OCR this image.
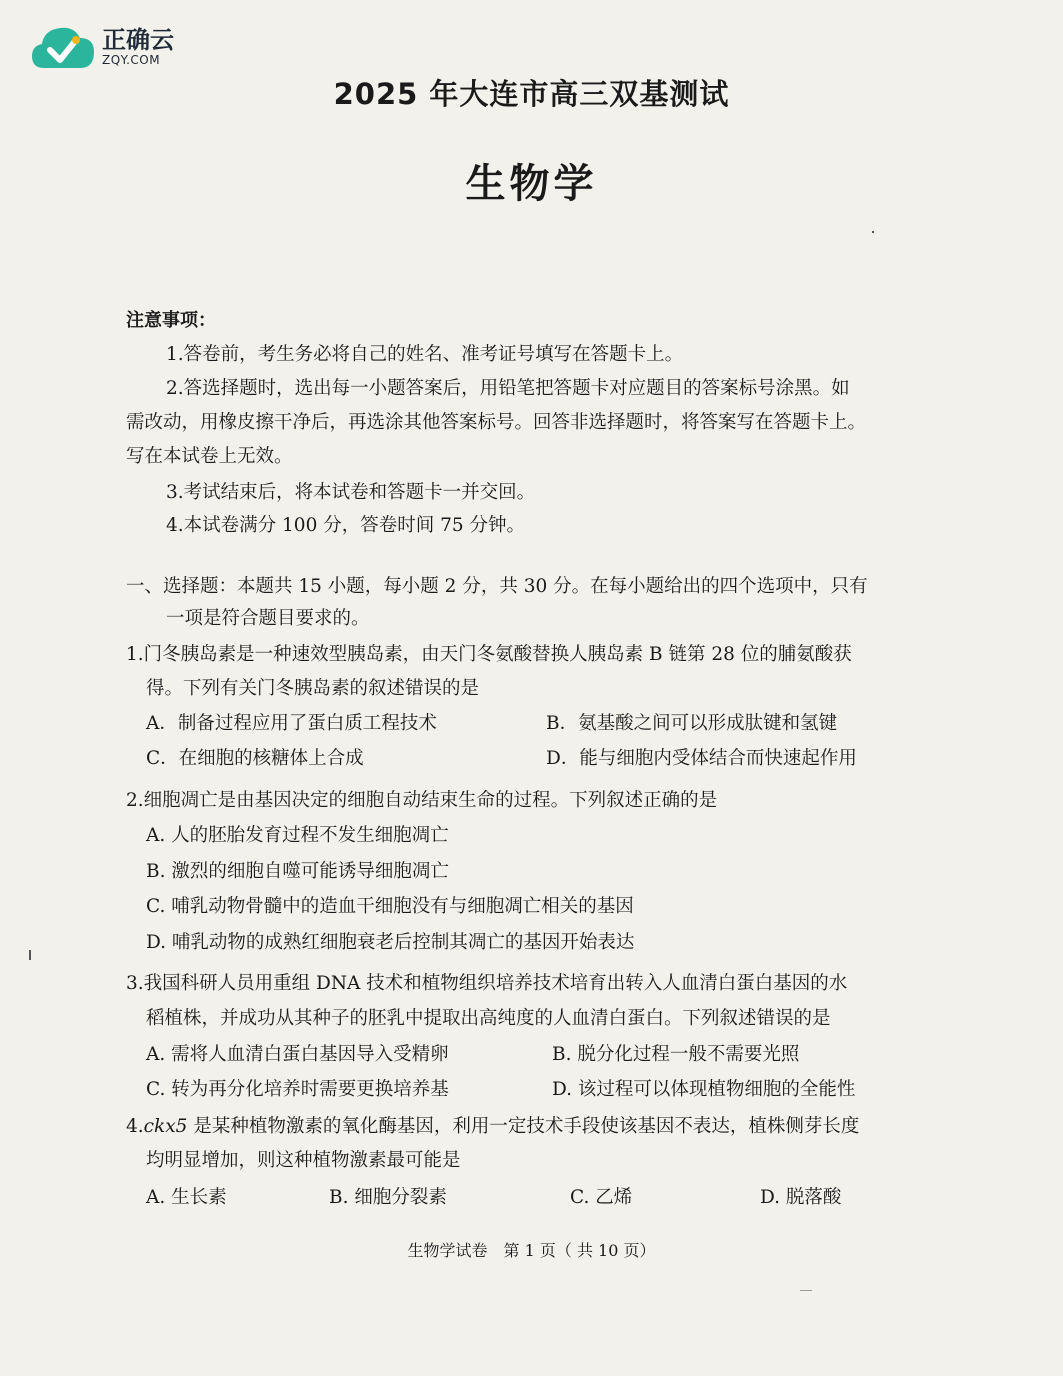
正确云
ZQY.COM
2025 年大连市高三双基测试
生物学
注意事项：
1.答卷前，考生务必将自己的姓名、准考证号填写在答题卡上。
2.答选择题时，选出每一小题答案后，用铅笔把答题卡对应题目的答案标号涂黑。如
需改动，用橡皮擦干净后，再选涂其他答案标号。回答非选择题时，将答案写在答题卡上。
写在本试卷上无效。
3.考试结束后，将本试卷和答题卡一并交回。
4.本试卷满分 100 分，答卷时间 75 分钟。
一、选择题：本题共 15 小题，每小题 2 分，共 30 分。在每小题给出的四个选项中，只有
一项是符合题目要求的。
1.门冬胰岛素是一种速效型胰岛素，由天门冬氨酸替换人胰岛素 B 链第 28 位的脯氨酸获
得。下列有关门冬胰岛素的叙述错误的是
A．制备过程应用了蛋白质工程技术	B．氨基酸之间可以形成肽键和氢键
C．在细胞的核糖体上合成	D．能与细胞内受体结合而快速起作用
2.细胞凋亡是由基因决定的细胞自动结束生命的过程。下列叙述正确的是
A. 人的胚胎发育过程不发生细胞凋亡
B. 激烈的细胞自噬可能诱导细胞凋亡
C. 哺乳动物骨髓中的造血干细胞没有与细胞凋亡相关的基因
D. 哺乳动物的成熟红细胞衰老后控制其凋亡的基因开始表达
3.我国科研人员用重组 DNA 技术和植物组织培养技术培育出转入人血清白蛋白基因的水
稻植株，并成功从其种子的胚乳中提取出高纯度的人血清白蛋白。下列叙述错误的是
A. 需将人血清白蛋白基因导入受精卵	B. 脱分化过程一般不需要光照
C. 转为再分化培养时需要更换培养基	D. 该过程可以体现植物细胞的全能性
4.ckx5 是某种植物激素的氧化酶基因，利用一定技术手段使该基因不表达，植株侧芽长度
均明显增加，则这种植物激素最可能是
A. 生长素	B. 细胞分裂素	C. 乙烯	D. 脱落酸
生物学试卷　第 1 页（ 共 10 页）
